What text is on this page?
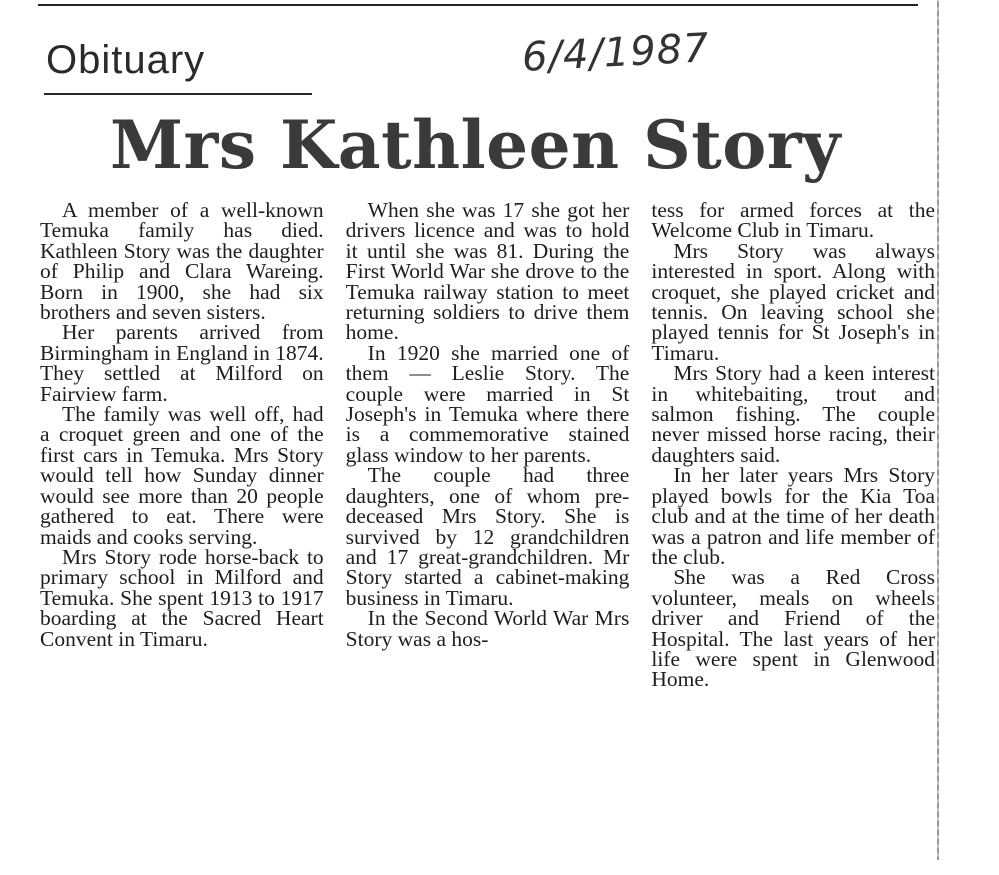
Obituary	6/4/1987
Mrs Kathleen Story

A member of a well-known Temuka family has died. Kathleen Story was the daughter of Philip and Clara Wareing. Born in 1900, she had six brothers and seven sisters.

Her parents arrived from Birmingham in England in 1874. They settled at Milford on Fairview farm.

The family was well off, had a croquet green and one of the first cars in Temuka. Mrs Story would tell how Sunday dinner would see more than 20 people gathered to eat. There were maids and cooks serving.

Mrs Story rode horse-back to primary school in Milford and Temuka. She spent 1913 to 1917 boarding at the Sacred Heart Convent in Timaru.

When she was 17 she got her drivers licence and was to hold it until she was 81. During the First World War she drove to the Temuka railway station to meet returning soldiers to drive them home.

In 1920 she married one of them — Leslie Story. The couple were married in St Joseph's in Temuka where there is a commemorative stained glass window to her parents.

The couple had three daughters, one of whom pre-deceased Mrs Story. She is survived by 12 grandchildren and 17 great-grandchildren. Mr Story started a cabinet-making business in Timaru.

In the Second World War Mrs Story was a hos-

tess for armed forces at the Welcome Club in Timaru.

Mrs Story was always interested in sport. Along with croquet, she played cricket and tennis. On leaving school she played tennis for St Joseph's in Timaru.

Mrs Story had a keen interest in whitebaiting, trout and salmon fishing. The couple never missed horse racing, their daughters said.

In her later years Mrs Story played bowls for the Kia Toa club and at the time of her death was a patron and life member of the club.

She was a Red Cross volunteer, meals on wheels driver and Friend of the Hospital. The last years of her life were spent in Glenwood Home.
